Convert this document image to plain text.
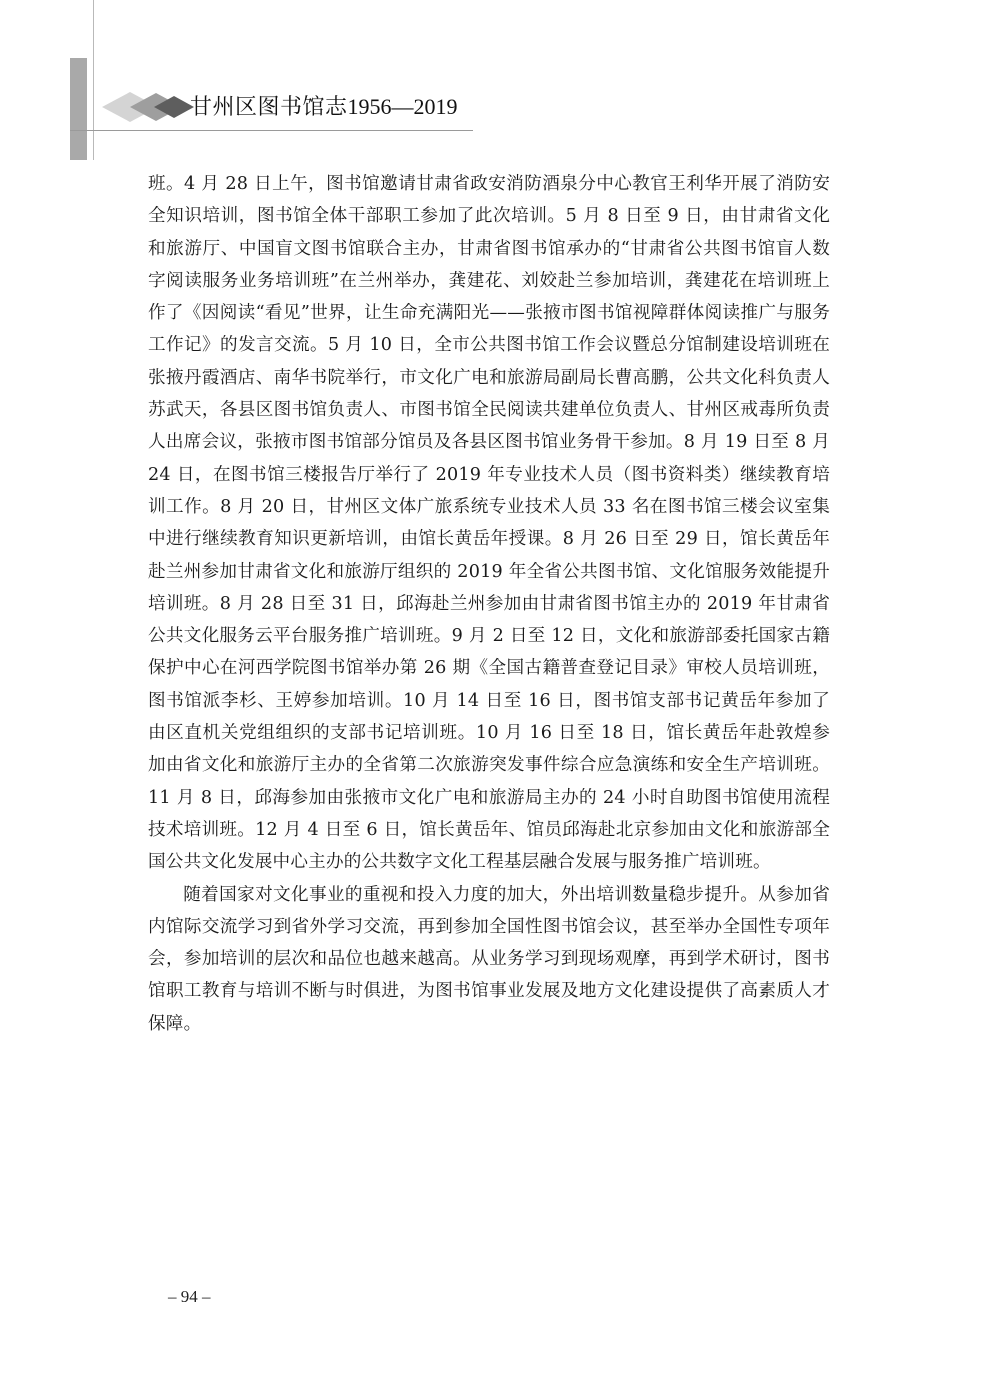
甘州区图书馆志1956—2019

班。4 月 28 日上午，图书馆邀请甘肃省政安消防酒泉分中心教官王利华开展了消防安全知识培训，图书馆全体干部职工参加了此次培训。5 月 8 日至 9 日，由甘肃省文化和旅游厅、中国盲文图书馆联合主办，甘肃省图书馆承办的“甘肃省公共图书馆盲人数字阅读服务业务培训班”在兰州举办，龚建花、刘姣赴兰参加培训，龚建花在培训班上作了《因阅读“看见”世界，让生命充满阳光——张掖市图书馆视障群体阅读推广与服务工作记》的发言交流。5 月 10 日，全市公共图书馆工作会议暨总分馆制建设培训班在张掖丹霞酒店、南华书院举行，市文化广电和旅游局副局长曹高鹏，公共文化科负责人苏武天，各县区图书馆负责人、市图书馆全民阅读共建单位负责人、甘州区戒毒所负责人出席会议，张掖市图书馆部分馆员及各县区图书馆业务骨干参加。8 月 19 日至 8 月 24 日，在图书馆三楼报告厅举行了 2019 年专业技术人员（图书资料类）继续教育培训工作。8 月 20 日，甘州区文体广旅系统专业技术人员 33 名在图书馆三楼会议室集中进行继续教育知识更新培训，由馆长黄岳年授课。8 月 26 日至 29 日，馆长黄岳年赴兰州参加甘肃省文化和旅游厅组织的 2019 年全省公共图书馆、文化馆服务效能提升培训班。8 月 28 日至 31 日，邱海赴兰州参加由甘肃省图书馆主办的 2019 年甘肃省公共文化服务云平台服务推广培训班。9 月 2 日至 12 日，文化和旅游部委托国家古籍保护中心在河西学院图书馆举办第 26 期《全国古籍普查登记目录》审校人员培训班，图书馆派李杉、王婷参加培训。10 月 14 日至 16 日，图书馆支部书记黄岳年参加了由区直机关党组组织的支部书记培训班。10 月 16 日至 18 日，馆长黄岳年赴敦煌参加由省文化和旅游厅主办的全省第二次旅游突发事件综合应急演练和安全生产培训班。11 月 8 日，邱海参加由张掖市文化广电和旅游局主办的 24 小时自助图书馆使用流程技术培训班。12 月 4 日至 6 日，馆长黄岳年、馆员邱海赴北京参加由文化和旅游部全国公共文化发展中心主办的公共数字文化工程基层融合发展与服务推广培训班。

随着国家对文化事业的重视和投入力度的加大，外出培训数量稳步提升。从参加省内馆际交流学习到省外学习交流，再到参加全国性图书馆会议，甚至举办全国性专项年会，参加培训的层次和品位也越来越高。从业务学习到现场观摩，再到学术研讨，图书馆职工教育与培训不断与时俱进，为图书馆事业发展及地方文化建设提供了高素质人才保障。

– 94 –
